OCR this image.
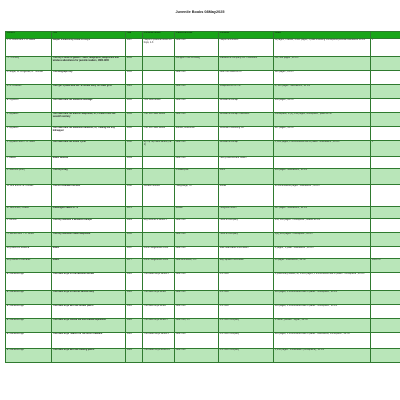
Juvenile Books 08May2025
Authors	Title	Year	Publisher/Series	Place/Franchise	Publisher	Notes	
L. R. Anson and J. R. Bates	Harper's Electricity Book for Boys	1907	Harper's practical books for boys, 1-3	New York	Harper & Brothers	xii pages, 3 tables, 4-400 pages, 1 plate including frontispiece/pictorial illustrations 19 cm	1
H. H. Amory	The boy's book of gliders : kites, telegraphs, telephones and wireless adventures for juvenile readers, 1880-1900	2012		Arlington Hold Crossing	Parkland & Company Inc. Publishers	xxv, 366 pages ; 20 cm	
A. Edgar, W. Fitzgerald, R. Thomas	The telegraph boy	1915		New York	New York Reed & Co	116 pages ; 19 cm	
B. R. Andrews	Your girl's place and her: a combe story for older girls	1924		New York	Snapsfield & Co. Inc.	ix, 216 pages : illustrations ; 21 cm	
E. Appleton	Tom Swift and his wireless message	1911	Tom Swift series	New York	Grosset & Dunlap	206 pages ; 20 cm	
V. Appleton	Tom Swift and his electric telephone, or, Thrusts from the seventh century	1914	The Tom Swift series	New York	Grosset & Dunlap Publishers	frontispiece, iv (5), 214 pages, frontispiece ; plate 20 cm	
V. Appleton	Tom Swift and his television detector, or, Trailing the tray kidnapper	1933	The Tom Swift series	Racine, Wisconsin	Whitman Publishing Co.	217 pages ; 20 cm	
V. Appleton and H. R. Garis	Tom Swift and his motor cycle	1910	By Tip Top Swift series (Ca. 1)	New York	Grosset & Dunlap	x, 206 pages, 1 unnumbered leaf of plates : illustrations ; 19 cm	1
J. Balard	Radio Rescue	1939		New York	Henry Altemus and Shann		
K. Bancroft (illus.)	The boys bag	1922		Philadelphia	Penn	201 pages : illustrations ; 20 cm	
W. Bird and W. E. Cordiier	The Girl Graham the also	1938	Decatur scenes	Hauppauge, NY	Binder	96 unnumbered pages : illustrations ; 31 cm	
M. Bouroncki, J.Reed	Paddington takes to TV	1972		Boston	Houghton Mifflin	127 pages : illustrations ; 22 cm	
L. Bonner	The boy inventor's wireless triumph	1929	Boy inventor's series 1	New York	Hurst & Company	256, 190 pages : frontispiece ; boards 20 cm	
H. Benson and T. C. Bruce	The boy Inventors radio telephone	1913		New York	Hurst & Company	v(3), 205 pages : frontispiece ; 20 cm	
Roy Bancroft Rowena	Radio	1947	Point Hedgeworks 1950	New York	Blue Seal Radio Information	3 pages ; 1 plate : illustrations ; 20 cm	
Roy Daniel of Richards	Radio	1977	Point Hedgeworks 2002	New Brunswick, N.J.	Bay Square Information	36 pages : illustrations ; 20 cm	1005 cm
E. Dandeveridge	The radio boys on the Mexican border	1922	The Radio Boys series 3	New York	A.L. Burt	1 preliminary leaves, vii, 2-216 pages, 1 unnumbered leaf of plates : frontispiece ; 20 cm	
E. Dandeveridge	The radio boys on secret service duty	1922	The radio boys series	New York	A.L. Burt	216 pages, 1 unnumbered leaf of plates : frontispiece ; 20 cm	
E. Dandeveridge	The radio boys with the border patrol	1922	The radio boys series	New York	A.L. Burt	216 pages, 1 unnumbered leaf of plates : frontispiece ; 20 cm	
E. Dandeveridge	The radio boys rescue the lost Alaska expedition	1922	The radio boys series 1	New York, NY	A.L. Burt Company	1 colour, preface : digital ; 20 cm	
E. Dandeveridge	The radio boys' search for the inca's treasure	1923	The Radio Boys series 4	New York	A.L. Burt Company	216 pages, 1 unnumbered leaf of plates : illustrations, frontispiece ; 20 cm	
E. Dandeveridge	The radio boys with the iceberg patrol	1924	The Radio boys series 23	New York	A.L. Burt Company	v, 216 pages : 1 illustration (frontispiece) ; 20 cm	
